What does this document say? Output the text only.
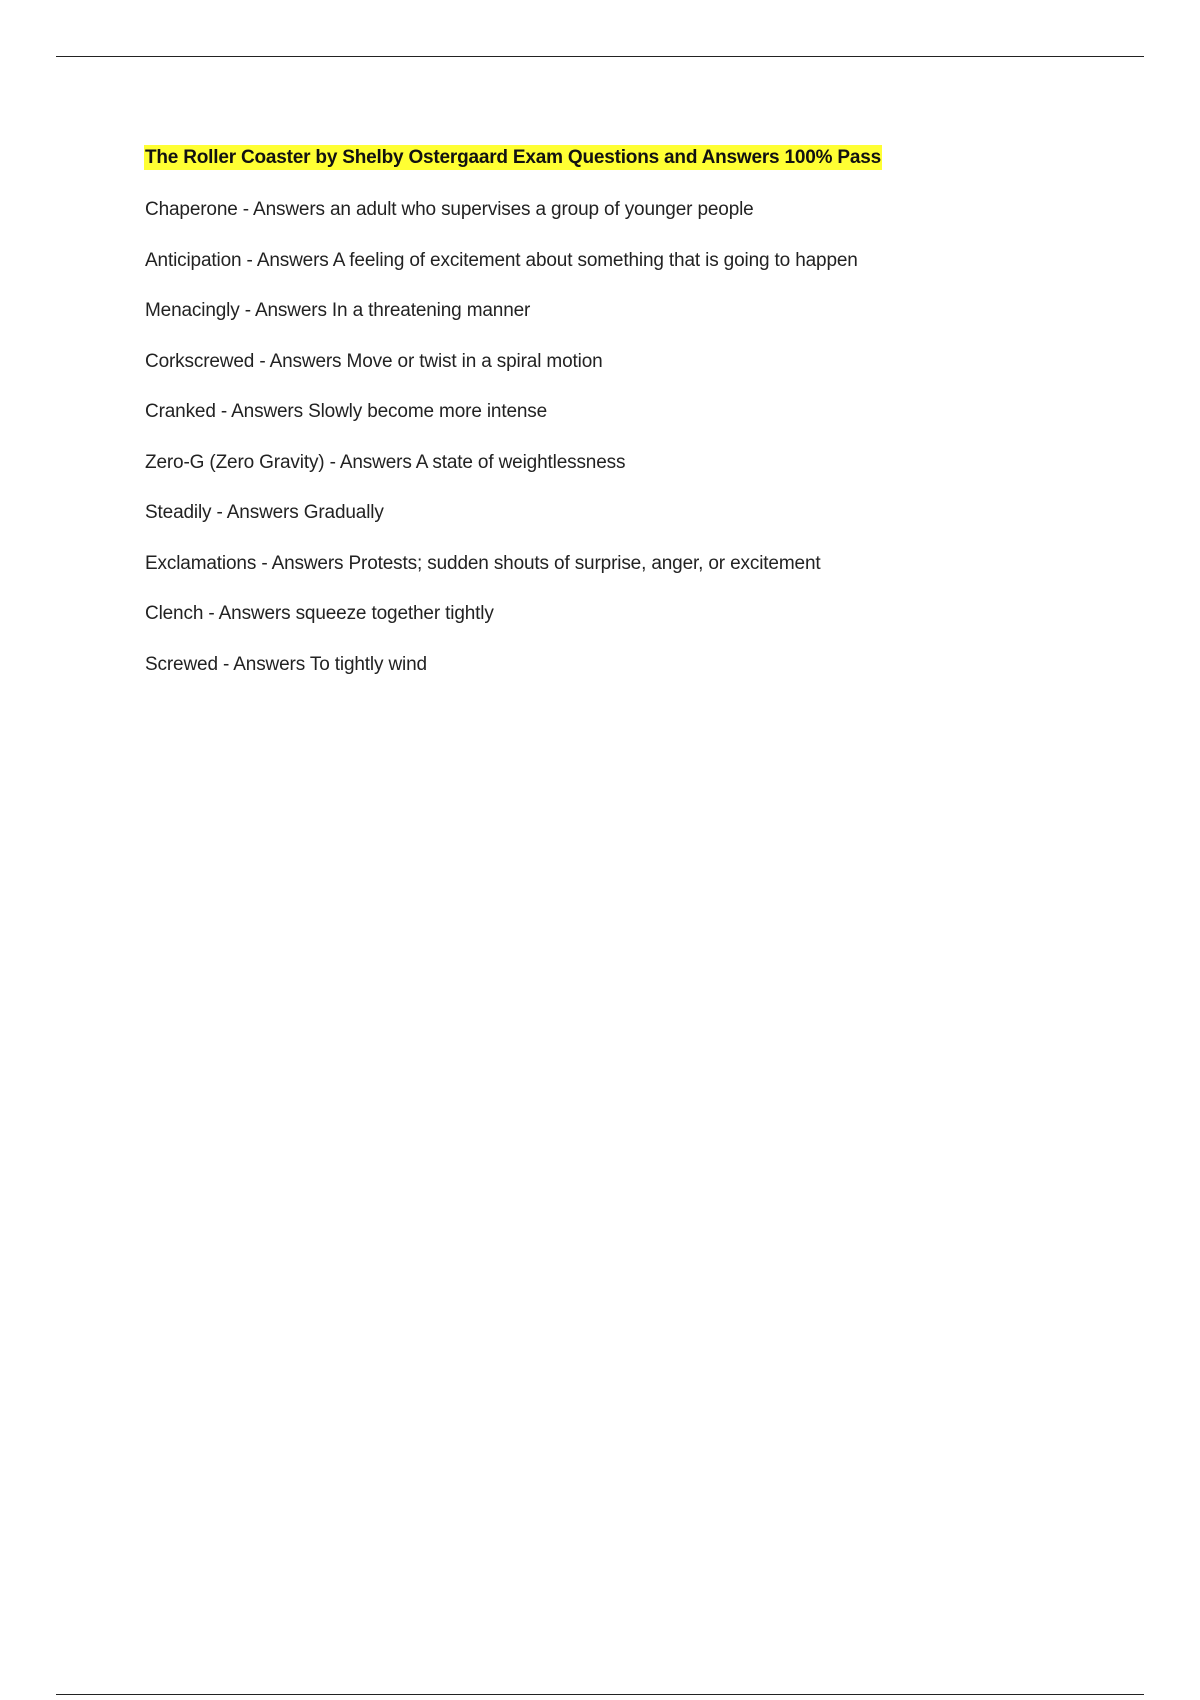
The Roller Coaster by Shelby Ostergaard Exam Questions and Answers 100% Pass
Chaperone - Answers an adult who supervises a group of younger people
Anticipation - Answers A feeling of excitement about something that is going to happen
Menacingly - Answers In a threatening manner
Corkscrewed - Answers Move or twist in a spiral motion
Cranked - Answers Slowly become more intense
Zero-G (Zero Gravity) - Answers A state of weightlessness
Steadily - Answers Gradually
Exclamations - Answers Protests; sudden shouts of surprise, anger, or excitement
Clench - Answers squeeze together tightly
Screwed - Answers To tightly wind
